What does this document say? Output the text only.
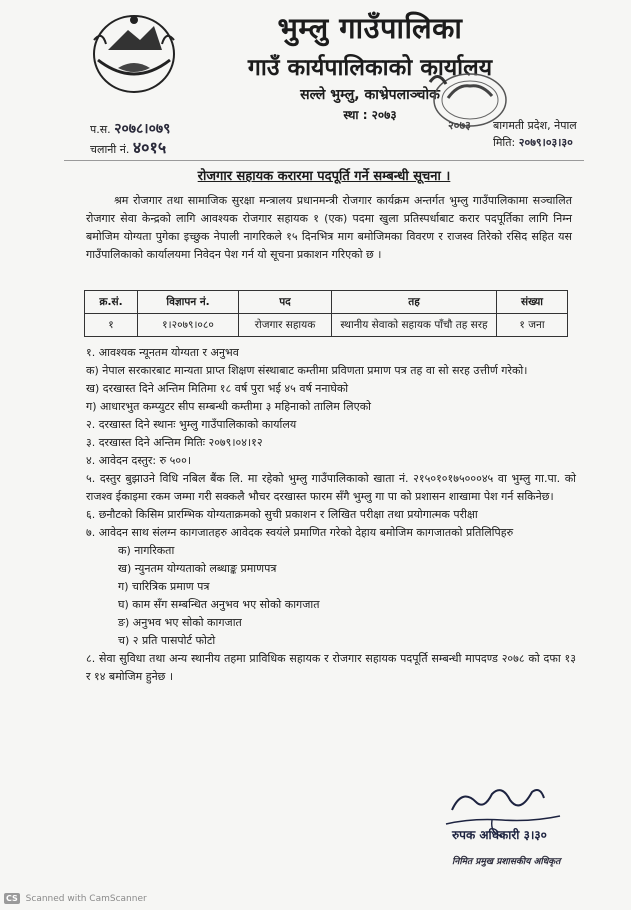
भुम्लु गाउँपालिका
गाउँ कार्यपालिकाको कार्यालय
सल्ले भुम्लु, काभ्रेपलाञ्चोक
स्था : २०७३
२०७३ बागमती प्रदेश, नेपाल
प.स. २०७८।०७९
चलानी नं. ४०१५	मिति: २०७९।०३।३०
रोजगार सहायक करारमा पदपूर्ति गर्ने सम्बन्धी सूचना ।
श्रम रोजगार तथा सामाजिक सुरक्षा मन्त्रालय प्रधानमन्त्री रोजगार कार्यक्रम अन्तर्गत भुम्लु गाउँपालिकामा सञ्चालित रोजगार सेवा केन्द्रको लागि आवश्यक रोजगार सहायक १ (एक) पदमा खुला प्रतिस्पर्धाबाट करार पदपूर्तिका लागि निम्न बमोजिम योग्यता पुगेका इच्छुक नेपाली नागरिकले १५ दिनभित्र माग बमोजिमका विवरण र राजस्व तिरेको रसिद सहित यस गाउँपालिकाको कार्यालयमा निवेदन पेश गर्न यो सूचना प्रकाशन गरिएको छ ।
क्र.सं.	विज्ञापन नं.	पद	तह	संख्या
१	१।२०७९।०८०	रोजगार सहायक	स्थानीय सेवाको सहायक पाँचौ तह सरह	१ जना

१. आवश्यक न्यूनतम योग्यता र अनुभव

क) नेपाल सरकारबाट मान्यता प्राप्त शिक्षण संस्थाबाट कम्तीमा प्रविणता प्रमाण पत्र तह वा सो सरह उत्तीर्ण गरेको।

ख) दरखास्त दिने अन्तिम मितिमा १८ वर्ष पुरा भई ४५ वर्ष ननाघेको

ग) आधारभुत कम्प्युटर सीप सम्बन्धी कम्तीमा ३ महिनाको तालिम लिएको

२. दरखास्त दिने स्थानः भुम्लु गाउँपालिकाको कार्यालय

३. दरखास्त दिने अन्तिम मितिः २०७९।०४।१२

४. आवेदन दस्तुर: रु ५००।

५. दस्तुर बुझाउने विधि नबिल बैंक लि. मा रहेको भुम्लु गाउँपालिकाको खाता नं. २१५०१०१७५०००४५ वा भुम्लु गा.पा. को राजश्व ईकाइमा रकम जम्मा गरी सक्कलै भौचर दरखास्त फारम सँगै भुम्लु गा पा को प्रशासन शाखामा पेश गर्न सकिनेछ।

६. छनौटको किसिम प्रारम्भिक योग्यताक्रमको सुची प्रकाशन र लिखित परीक्षा तथा प्रयोगात्मक परीक्षा

७. आवेदन साथ संलग्न कागजातहरु आवेदक स्वयंले प्रमाणित गरेको देहाय बमोजिम कागजातको प्रतिलिपिहरु

क) नागरिकता

ख) न्युनतम योग्यताको लब्धाङ्क प्रमाणपत्र

ग) चारित्रिक प्रमाण पत्र

घ) काम सँग सम्बन्धित अनुभव भए सोको कागजात

ङ) अनुभव भए सोको कागजात

च) २ प्रति पासपोर्ट फोटो

८. सेवा सुविधा तथा अन्य स्थानीय तहमा प्राविधिक सहायक र रोजगार सहायक पदपूर्ति सम्बन्धी मापदण्ड २०७८ को दफा १३ र १४ बमोजिम हुनेछ ।

रुपक अधिकारी ३।३०
निमित प्रमुख प्रशासकीय अधिकृत
CS Scanned with CamScanner
